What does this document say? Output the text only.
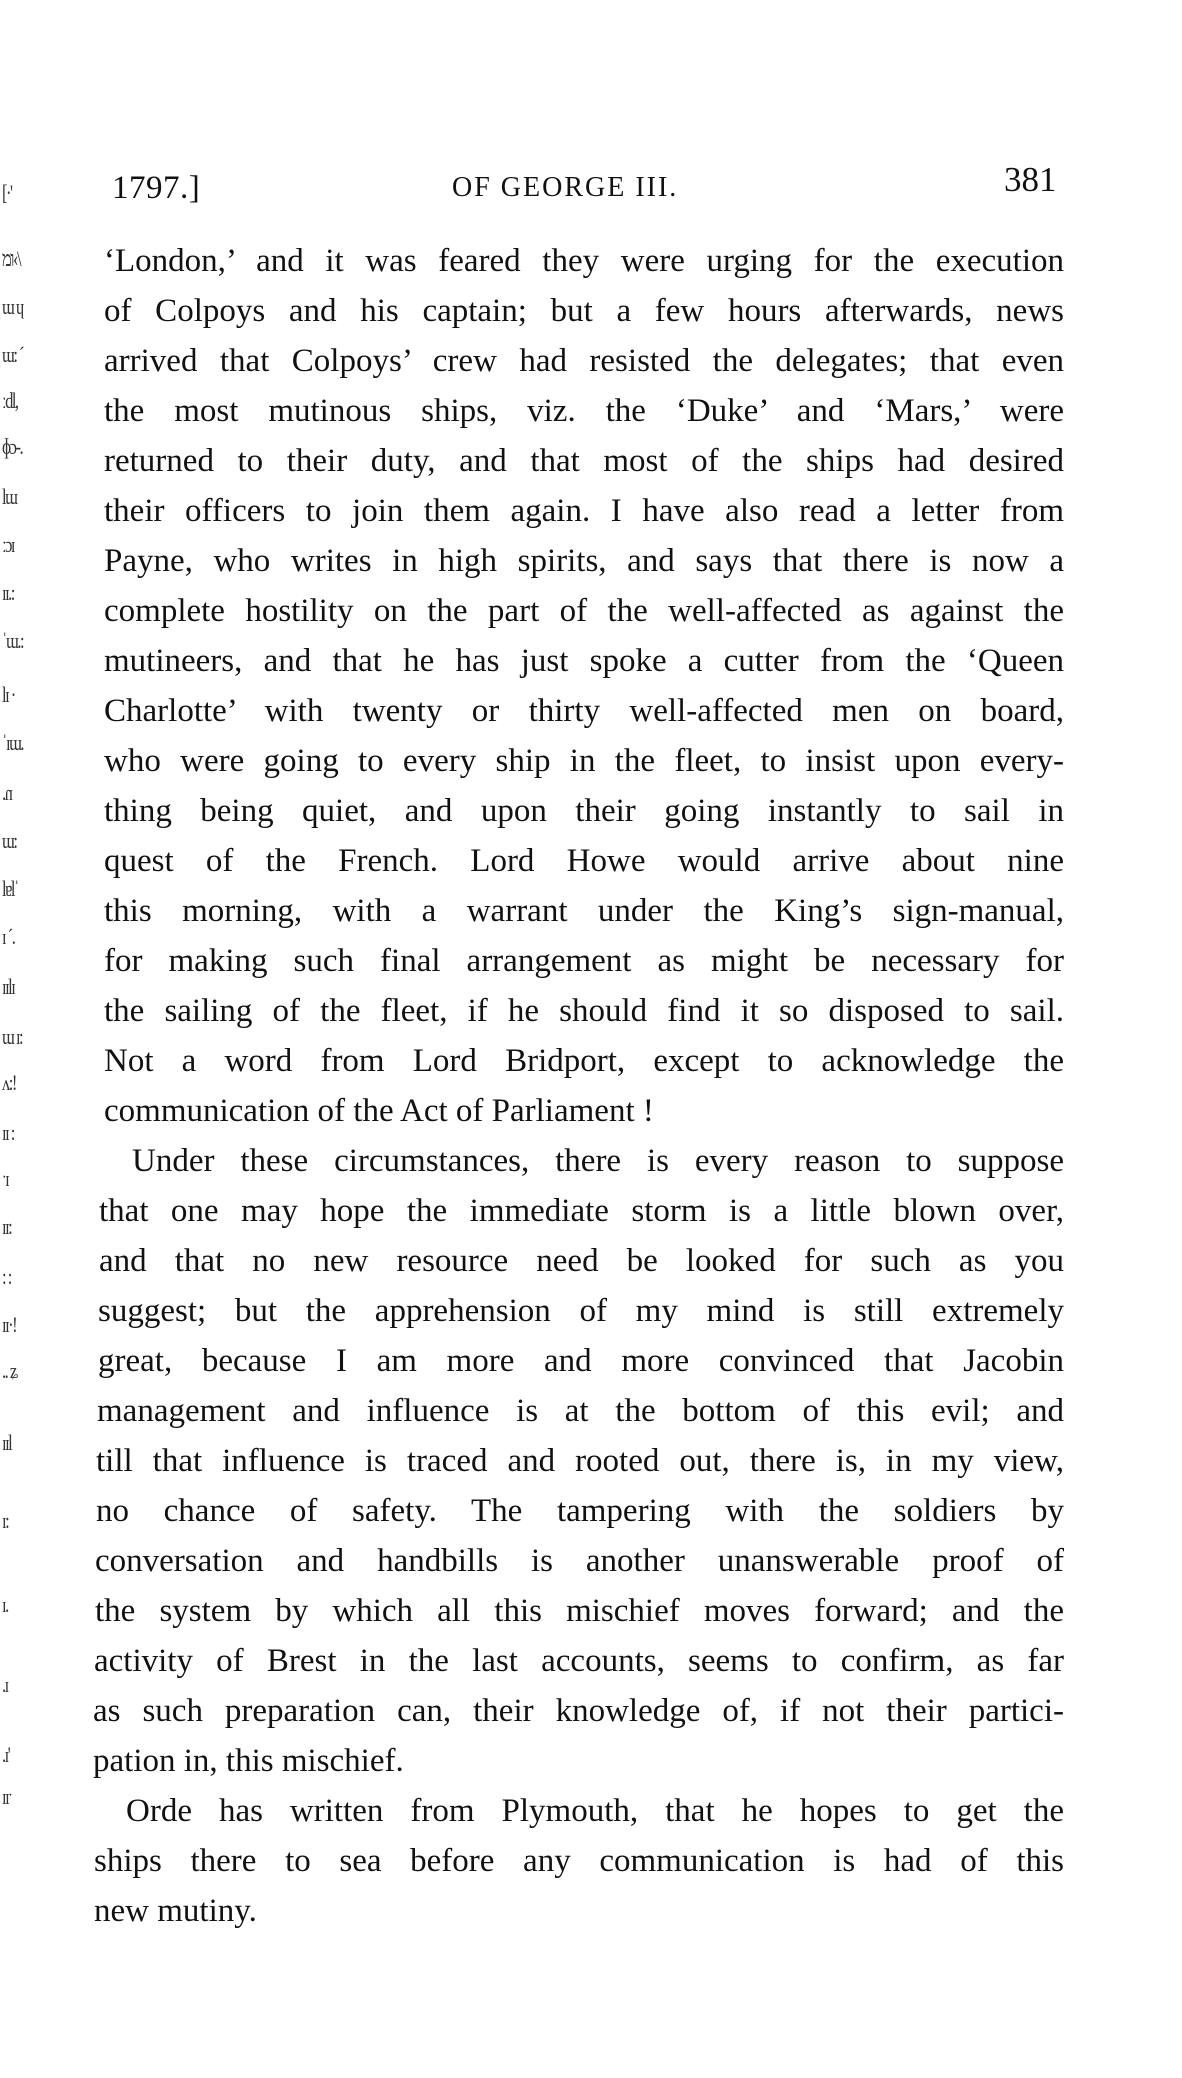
[·'
ומ‹\
ɯ ɥ
ɯ: ˊ
ːdl,
ɸɔ-.
lɯ
ːɔɪ
ɪɪ.:
ˈɯ.:
lɪ ·
ˈɪɯ.
.ɾɪ
ɯ:
lɐlˈ
ɪ ˊ.
ɪɪlɪ
ɯ ɪ:
ʌ:!
ɪɪ :
ˑɪ
ɪɪ:
: :
ɪɪ·!
.. ʑ
ɪɪl
ɪ:
ɪ.
.ɪ
.ɪ'
ɪɪˑ
1797.]	OF GEORGE III.	381
‘London,’ and it was feared they were urging for the execution
of Colpoys and his captain; but a few hours afterwards, news
arrived that Colpoys’ crew had resisted the delegates; that even
the most mutinous ships, viz. the ‘Duke’ and ‘Mars,’ were
returned to their duty, and that most of the ships had desired
their officers to join them again. I have also read a letter from
Payne, who writes in high spirits, and says that there is now a
complete hostility on the part of the well-affected as against the
mutineers, and that he has just spoke a cutter from the ‘Queen
Charlotte’ with twenty or thirty well-affected men on board,
who were going to every ship in the fleet, to insist upon every-
thing being quiet, and upon their going instantly to sail in
quest of the French. Lord Howe would arrive about nine
this morning, with a warrant under the King’s sign-manual,
for making such final arrangement as might be necessary for
the sailing of the fleet, if he should find it so disposed to sail.
Not a word from Lord Bridport, except to acknowledge the
communication of the Act of Parliament !
Under these circumstances, there is every reason to suppose
that one may hope the immediate storm is a little blown over,
and that no new resource need be looked for such as you
suggest; but the apprehension of my mind is still extremely
great, because I am more and more convinced that Jacobin
management and influence is at the bottom of this evil; and
till that influence is traced and rooted out, there is, in my view,
no chance of safety. The tampering with the soldiers by
conversation and handbills is another unanswerable proof of
the system by which all this mischief moves forward; and the
activity of Brest in the last accounts, seems to confirm, as far
as such preparation can, their knowledge of, if not their partici-
pation in, this mischief.
Orde has written from Plymouth, that he hopes to get the
ships there to sea before any communication is had of this
new mutiny.
